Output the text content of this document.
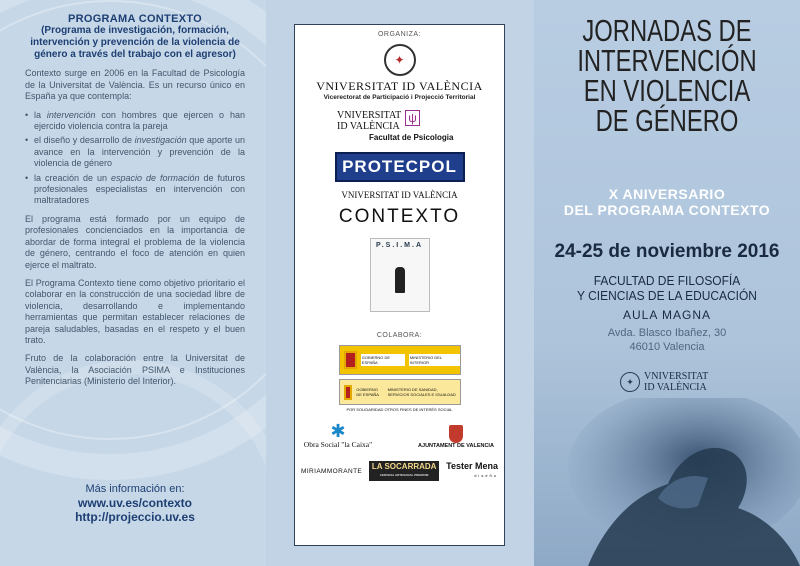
PROGRAMA CONTEXTO
(Programa de investigación, formación, intervención y prevención de la violencia de género a través del trabajo con el agresor)

Contexto surge en 2006 en la Facultad de Psicología de la Universitat de València. Es un recurso único en España ya que contempla:

• la intervención con hombres que ejercen o han ejercido violencia contra la pareja
• el diseño y desarrollo de investigación que aporte un avance en la intervención y prevención de la violencia de género
• la creación de un espacio de formación de futuros profesionales especialistas en intervención con maltratadores

El programa está formado por un equipo de profesionales concienciados en la importancia de abordar de forma integral el problema de la violencia de género, centrando el foco de atención en quien ejerce el maltrato.

El Programa Contexto tiene como objetivo prioritario el colaborar en la construcción de una sociedad libre de violencia, desarrollando e implementando herramientas que permitan establecer relaciones de pareja saludables, basadas en el respeto y el buen trato.

Fruto de la colaboración entre la Universitat de València, la Asociación PSIMA e Instituciones Penitenciarias (Ministerio del Interior).

Más información en:
www.uv.es/contexto
http://projeccio.uv.es
ORGANIZA:
✦
VNIVERSITAT ID VALÈNCIA
Vicerectorat de Participació i Projecció Territorial
VNIVERSITAT
ID VALÈNCIA
ψ
Facultat de Psicologia
PROTECPOL

VNIVERSITAT ID VALÈNCIA
CONTEXTO
P.S.I.M.A
COLABORA:
GOBIERNO DE ESPAÑA
MINISTERIO DEL INTERIOR
GOBIERNO DE ESPAÑA
MINISTERIO DE SANIDAD, SERVICIOS SOCIALES E IGUALDAD
POR SOLIDARIDAD OTROS FINES DE INTERÉS SOCIAL
✱
Obra Social "la Caixa"	AJUNTAMENT DE VALENCIA
MIRIAMMORANTE LA SOCARRADA
CERVESA ARTESANAL PREMIUM
Tester Mena
diseño
JORNADAS DE
INTERVENCIÓN
EN VIOLENCIA
DE GÉNERO
X ANIVERSARIO
DEL PROGRAMA CONTEXTO
24-25 de noviembre 2016
FACULTAD DE FILOSOFÍA
Y CIENCIAS DE LA EDUCACIÓN
AULA MAGNA
Avda. Blasco Ibañez, 30
46010 Valencia
✦	VNIVERSITAT
ID VALÈNCIA
